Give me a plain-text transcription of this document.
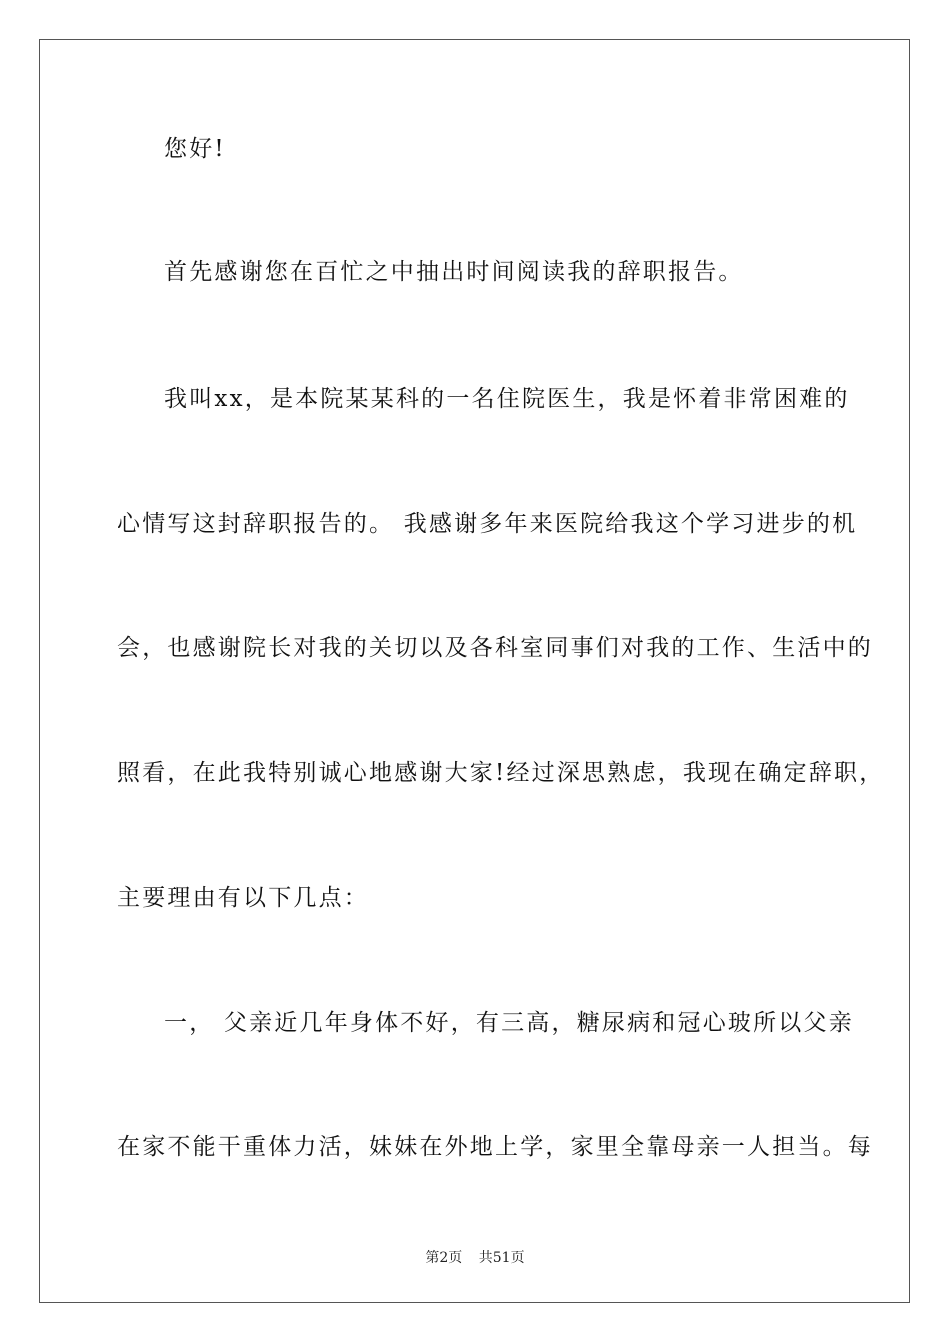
您好!
首先感谢您在百忙之中抽出时间阅读我的辞职报告。
我叫xx，是本院某某科的一名住院医生，我是怀着非常困难的
心情写这封辞职报告的。 我感谢多年来医院给我这个学习进步的机
会，也感谢院长对我的关切以及各科室同事们对我的工作、生活中的
照看，在此我特别诚心地感谢大家!经过深思熟虑，我现在确定辞职，
主要理由有以下几点：
一， 父亲近几年身体不好，有三高，糖尿病和冠心玻所以父亲
在家不能干重体力活，妹妹在外地上学，家里全靠母亲一人担当。每
第2页 共51页
